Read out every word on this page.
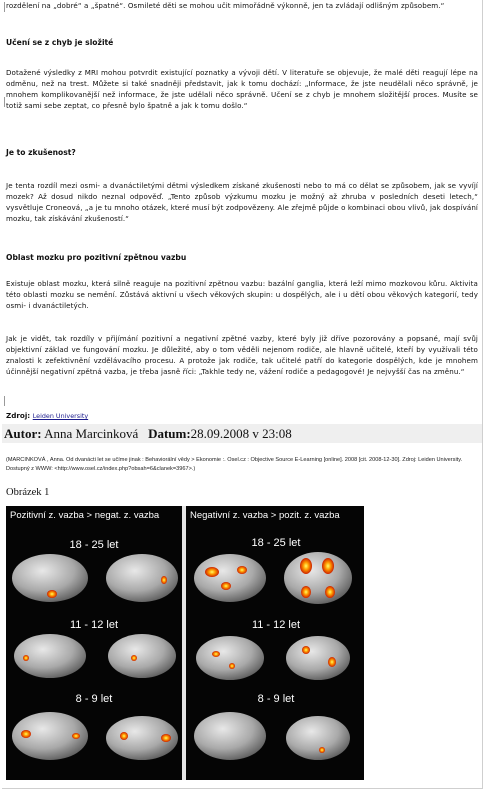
rozdělení na „dobré“ a „špatné“. Osmileté děti se mohou učit mimořádně výkonně, jen ta zvládají odlišným způsobem.“

Učení se z chyb je složité

Dotažené výsledky z MRI mohou potvrdit existující poznatky a vývoji dětí. V literatuře se objevuje, že malé děti reagují lépe na odměnu, než na trest. Můžete si také snadněji představit, jak k tomu dochází: „Informace, že jste neudělali něco správně, je mnohem komplikovanější než informace, že jste udělali něco správně. Učení se z chyb je mnohem složitější proces. Musíte se totiž sami sebe zeptat, co přesně bylo špatně a jak k tomu došlo.“

Je to zkušenost?

Je tenta rozdíl mezi osmi- a dvanáctiletými dětmi výsledkem získané zkušenosti nebo to má co dělat se způsobem, jak se vyvíjí mozek? Až dosud nikdo neznal odpověď. „Tento způsob výzkumu mozku je možný až zhruba v posledních deseti letech,“ vysvětluje Croneová, „a je tu mnoho otázek, které musí být zodpovězeny. Ale zřejmě půjde o kombinaci obou vlivů, jak dospívání mozku, tak získávání zkušeností.“

Oblast mozku pro pozitivní zpětnou vazbu

Existuje oblast mozku, která silně reaguje na pozitivní zpětnou vazbu: bazální ganglia, která leží mimo mozkovou kůru. Aktivita této oblasti mozku se nemění. Zůstává aktivní u všech věkových skupin: u dospělých, ale i u dětí obou věkových kategorií, tedy osmi- i dvanáctiletých.

Jak je vidět, tak rozdíly v přijímání pozitivní a negativní zpětné vazby, které byly již dříve pozorovány a popsané, mají svůj objektivní základ ve fungování mozku. Je důležité, aby o tom věděli nejenom rodiče, ale hlavně učitelé, kteří by využívali této znalosti k zefektivnění vzdělávacího procesu. A protože jak rodiče, tak učitelé patří do kategorie dospělých, kde je mnohem účinnější negativní zpětná vazba, je třeba jasně říci: „Takhle tedy ne, vážení rodiče a pedagogové! Je nejvyšší čas na změnu.“

Zdroj: Leiden University
Autor: Anna Marcinková Datum:28.09.2008 v 23:08
(MARCINKOVÁ , Anna. Od dvanácti let se učíme jinak : Behaviorální vědy > Ekonomie :. Osel.cz : Objective Source E-Learning [online]. 2008 [cit. 2008-12-30]. Zdroj: Leiden University. Dostupný z WWW: <http://www.osel.cz/index.php?obsah=6&clanek=3967>.)
Obrázek 1
Pozitivní z. vazba > negat. z. vazba	Negativní z. vazba > pozit. z. vazba
18 - 25 let
11 - 12 let
8 - 9 let
18 - 25 let
11 - 12 let
8 - 9 let
